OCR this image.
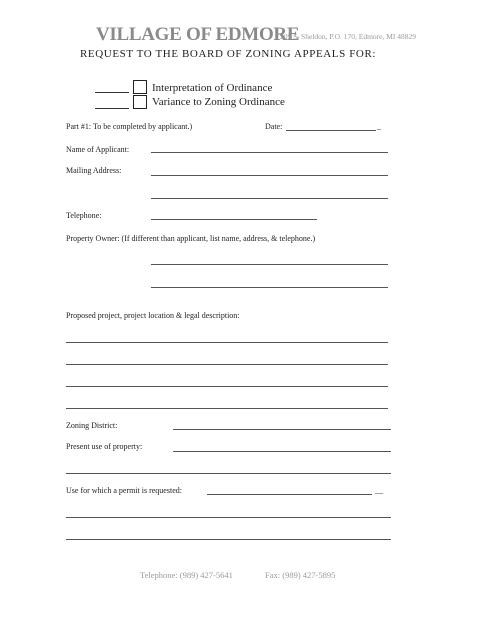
VILLAGE OF EDMORE
209 S. Sheldon, P.O. 170, Edmore, MI 48829
REQUEST TO THE BOARD OF ZONING APPEALS FOR:
Interpretation of Ordinance
Variance to Zoning Ordinance
Part #1: To be completed by applicant.)	Date:	_
Name of Applicant:
Mailing Address:
Telephone:
Property Owner: (If different than applicant, list name, address, & telephone.)
Proposed project, project location & legal description:
Zoning District:
Present use of property:
Use for which a permit is requested:	__
Telephone: (989) 427-5641	Fax: (989) 427-5895
